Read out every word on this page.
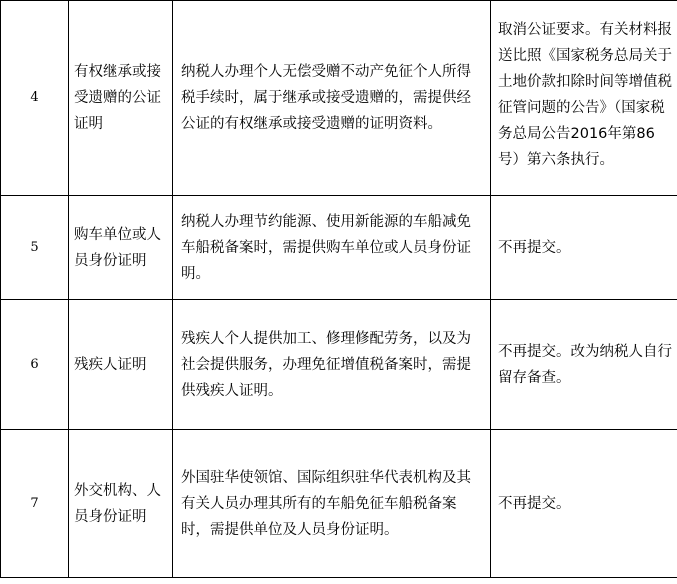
4	有权继承或接受遗赠的公证证明	纳税人办理个人无偿受赠不动产免征个人所得税手续时，属于继承或接受遗赠的，需提供经公证的有权继承或接受遗赠的证明资料。	取消公证要求。有关材料报送比照《国家税务总局关于土地价款扣除时间等增值税征管问题的公告》（国家税务总局公告2016年第86号）第六条执行。

5	购车单位或人员身份证明	纳税人办理节约能源、使用新能源的车船减免车船税备案时，需提供购车单位或人员身份证明。	不再提交。

6	残疾人证明	残疾人个人提供加工、修理修配劳务，以及为社会提供服务，办理免征增值税备案时，需提供残疾人证明。	不再提交。改为纳税人自行留存备查。

7	外交机构、人员身份证明	外国驻华使领馆、国际组织驻华代表机构及其有关人员办理其所有的车船免征车船税备案时，需提供单位及人员身份证明。	不再提交。
